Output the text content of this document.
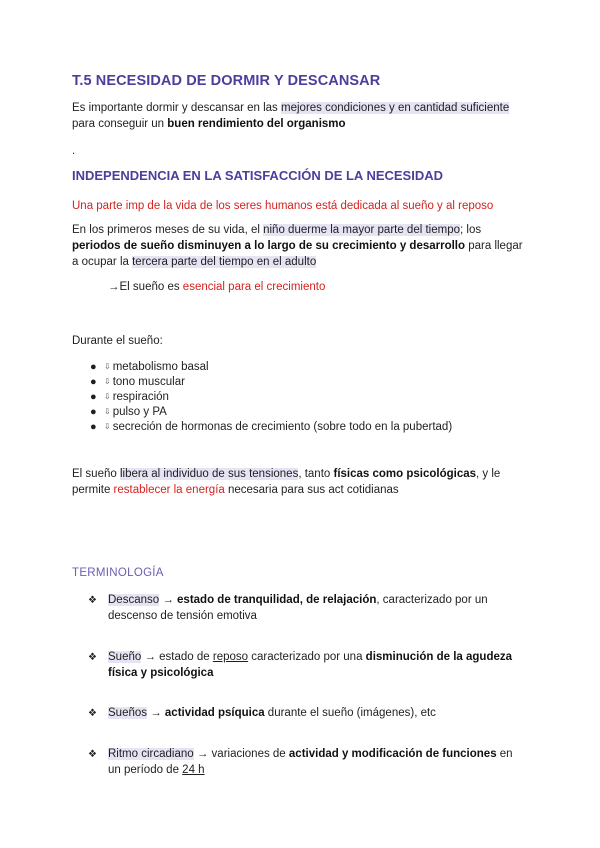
T.5 NECESIDAD DE DORMIR Y DESCANSAR
Es importante dormir y descansar en las mejores condiciones y en cantidad suficiente para conseguir un buen rendimiento del organismo
.
INDEPENDENCIA EN LA SATISFACCIÓN DE LA NECESIDAD
Una parte imp de la vida de los seres humanos está dedicada al sueño y al reposo
En los primeros meses de su vida, el niño duerme la mayor parte del tiempo; los periodos de sueño disminuyen a lo largo de su crecimiento y desarrollo para llegar a ocupar la tercera parte del tiempo en el adulto
→El sueño es esencial para el crecimiento
Durante el sueño:
● ⇩ metabolismo basal
● ⇩ tono muscular
● ⇩ respiración
● ⇩ pulso y PA
● ⇩ secreción de hormonas de crecimiento (sobre todo en la pubertad)
El sueño libera al individuo de sus tensiones, tanto físicas como psicológicas, y le permite restablecer la energía necesaria para sus act cotidianas
TERMINOLOGÍA
❖ Descanso → estado de tranquilidad, de relajación, caracterizado por un descenso de tensión emotiva
❖ Sueño → estado de reposo caracterizado por una disminución de la agudeza física y psicológica
❖ Sueños → actividad psíquica durante el sueño (imágenes), etc
❖ Ritmo circadiano → variaciones de actividad y modificación de funciones en un período de 24 h
